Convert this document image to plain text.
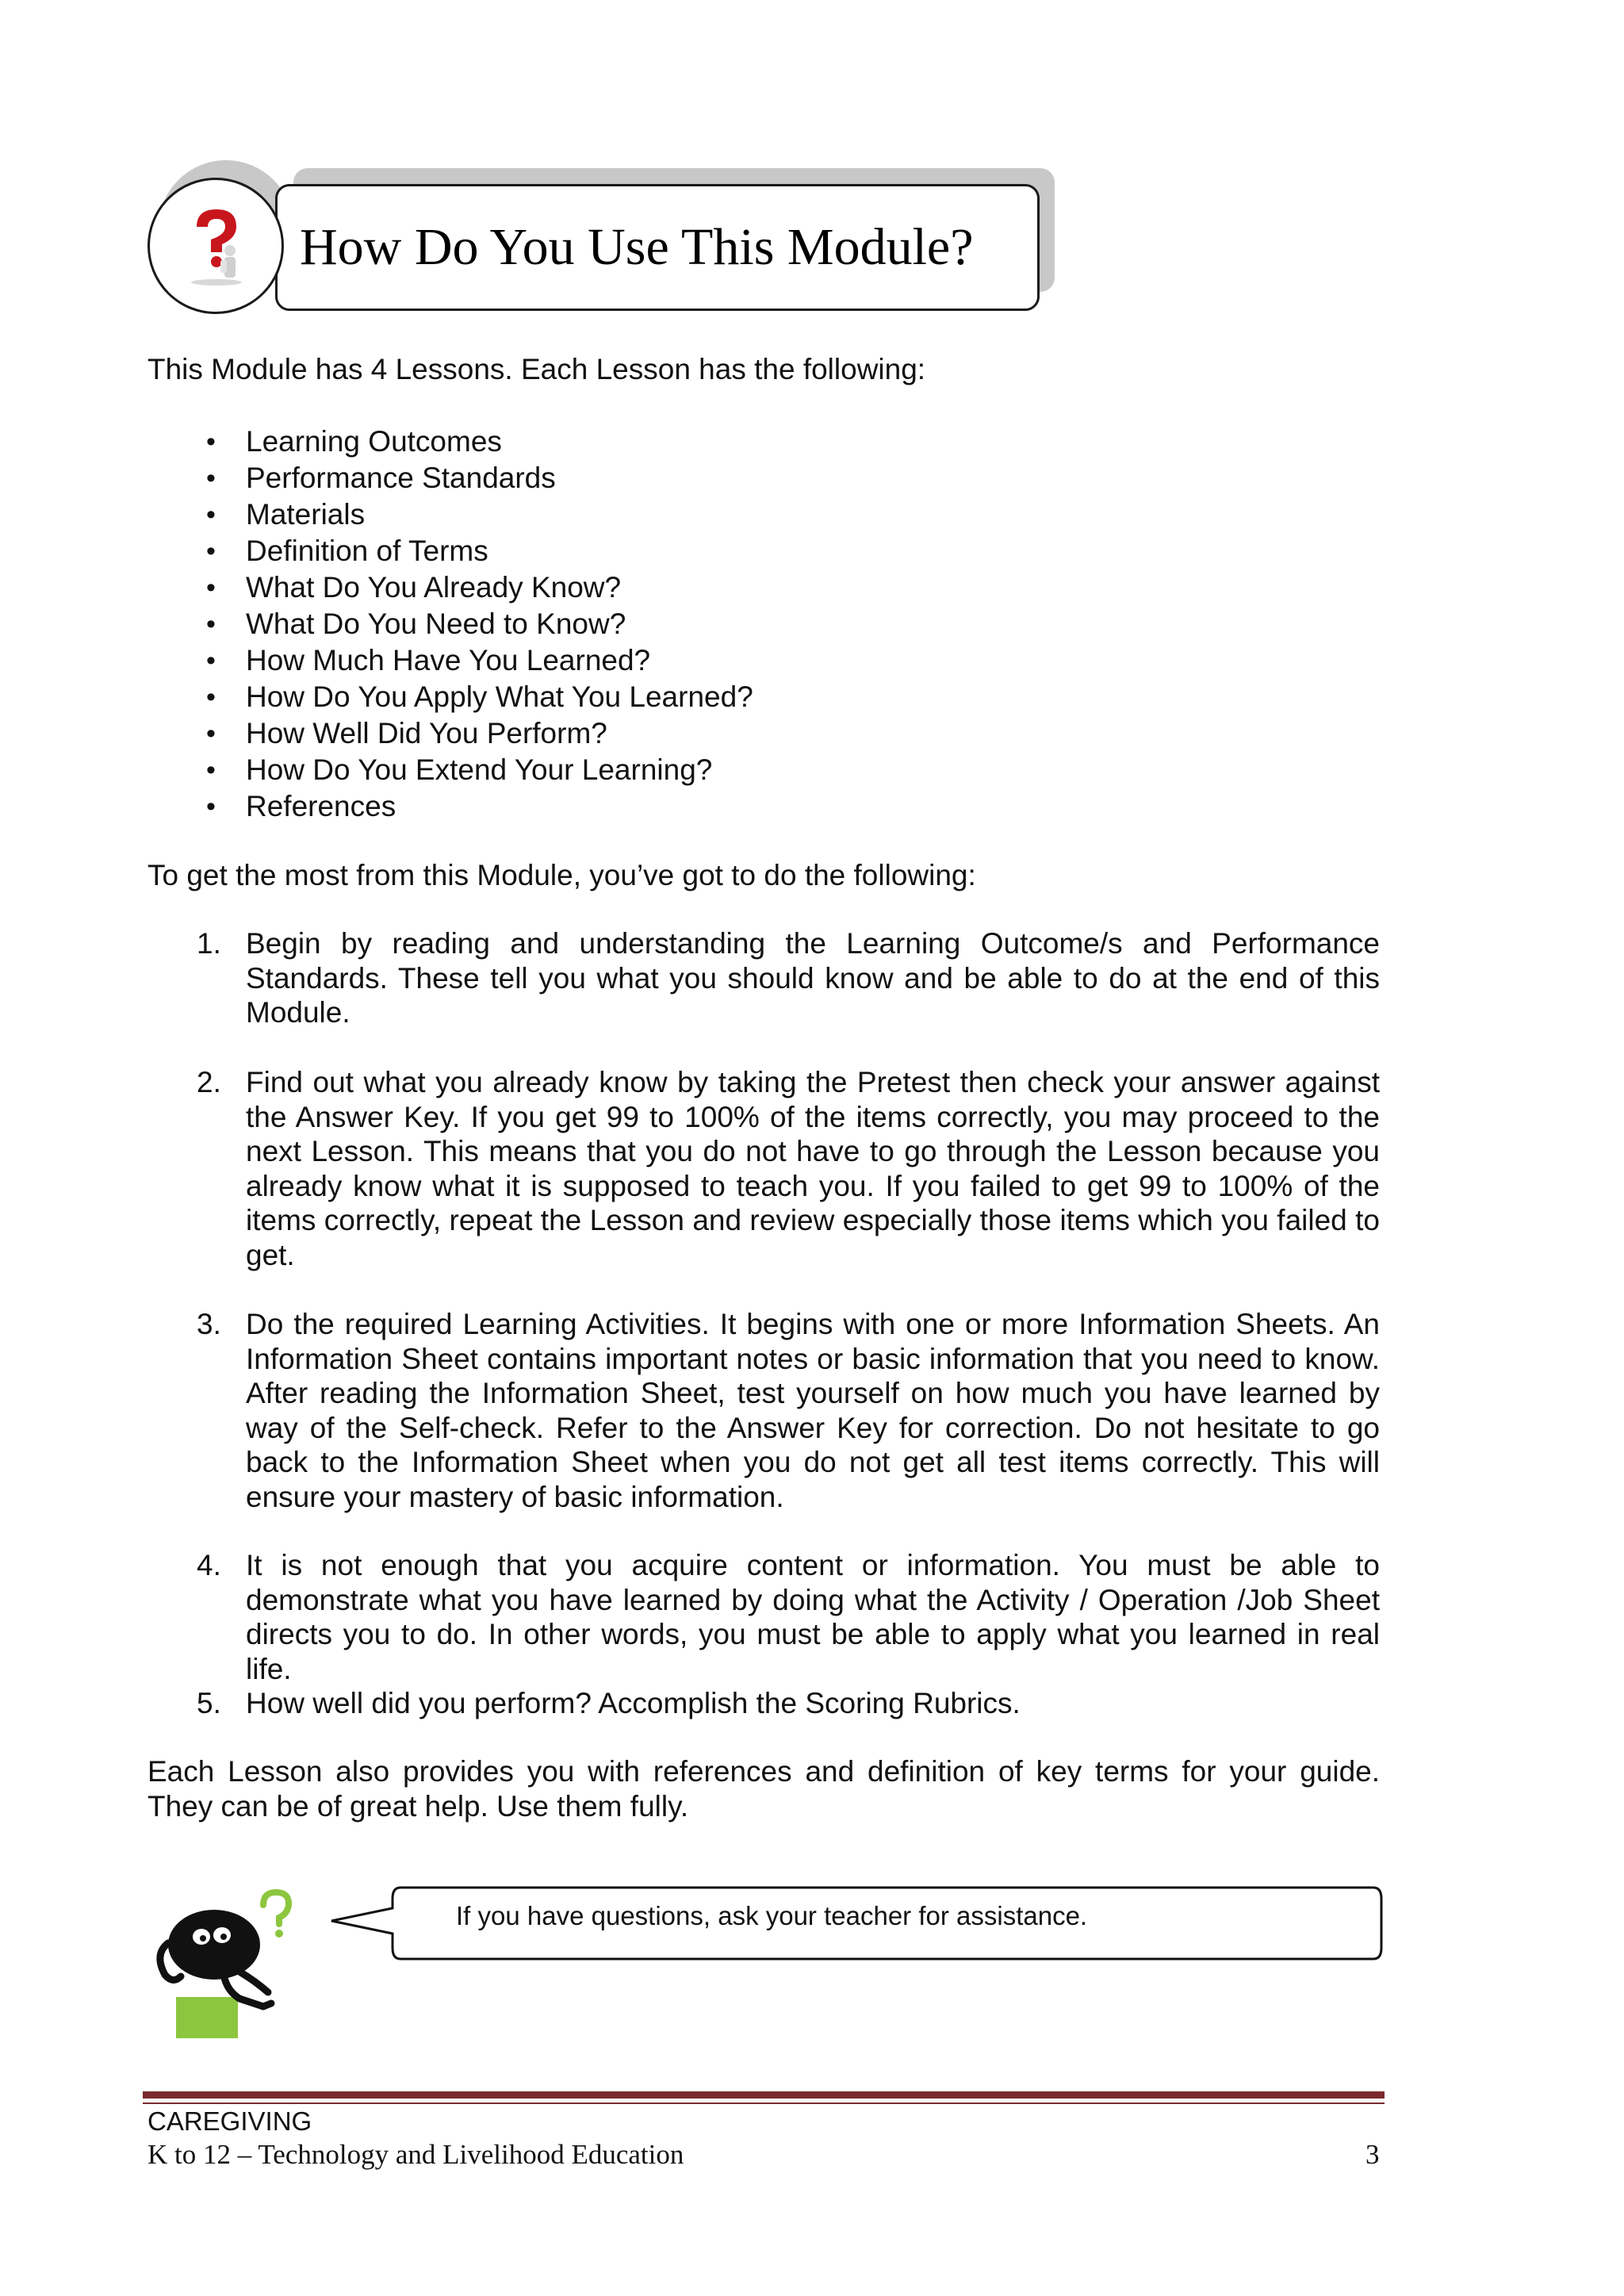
How Do You Use This Module?
This Module has 4 Lessons. Each Lesson has the following:
• Learning Outcomes
• Performance Standards
• Materials
• Definition of Terms
• What Do You Already Know?
• What Do You Need to Know?
• How Much Have You Learned?
• How Do You Apply What You Learned?
• How Well Did You Perform?
• How Do You Extend Your Learning?
• References
To get the most from this Module, you’ve got to do the following:
1. Begin by reading and understanding the Learning Outcome/s and Performance Standards. These tell you what you should know and be able to do at the end of this Module.
2. Find out what you already know by taking the Pretest then check your answer against the Answer Key. If you get 99 to 100% of the items correctly, you may proceed to the next Lesson. This means that you do not have to go through the Lesson because you already know what it is supposed to teach you. If you failed to get 99 to 100% of the items correctly, repeat the Lesson and review especially those items which you failed to get.
3. Do the required Learning Activities. It begins with one or more Information Sheets. An Information Sheet contains important notes or basic information that you need to know. After reading the Information Sheet, test yourself on how much you have learned by way of the Self-check. Refer to the Answer Key for correction. Do not hesitate to go back to the Information Sheet when you do not get all test items correctly. This will ensure your mastery of basic information.
4. It is not enough that you acquire content or information. You must be able to demonstrate what you have learned by doing what the Activity / Operation /Job Sheet directs you to do. In other words, you must be able to apply what you learned in real life.
5. How well did you perform? Accomplish the Scoring Rubrics.
Each Lesson also provides you with references and definition of key terms for your guide. They can be of great help. Use them fully.
If you have questions, ask your teacher for assistance.
CAREGIVING
K to 12 – Technology and Livelihood Education	3
